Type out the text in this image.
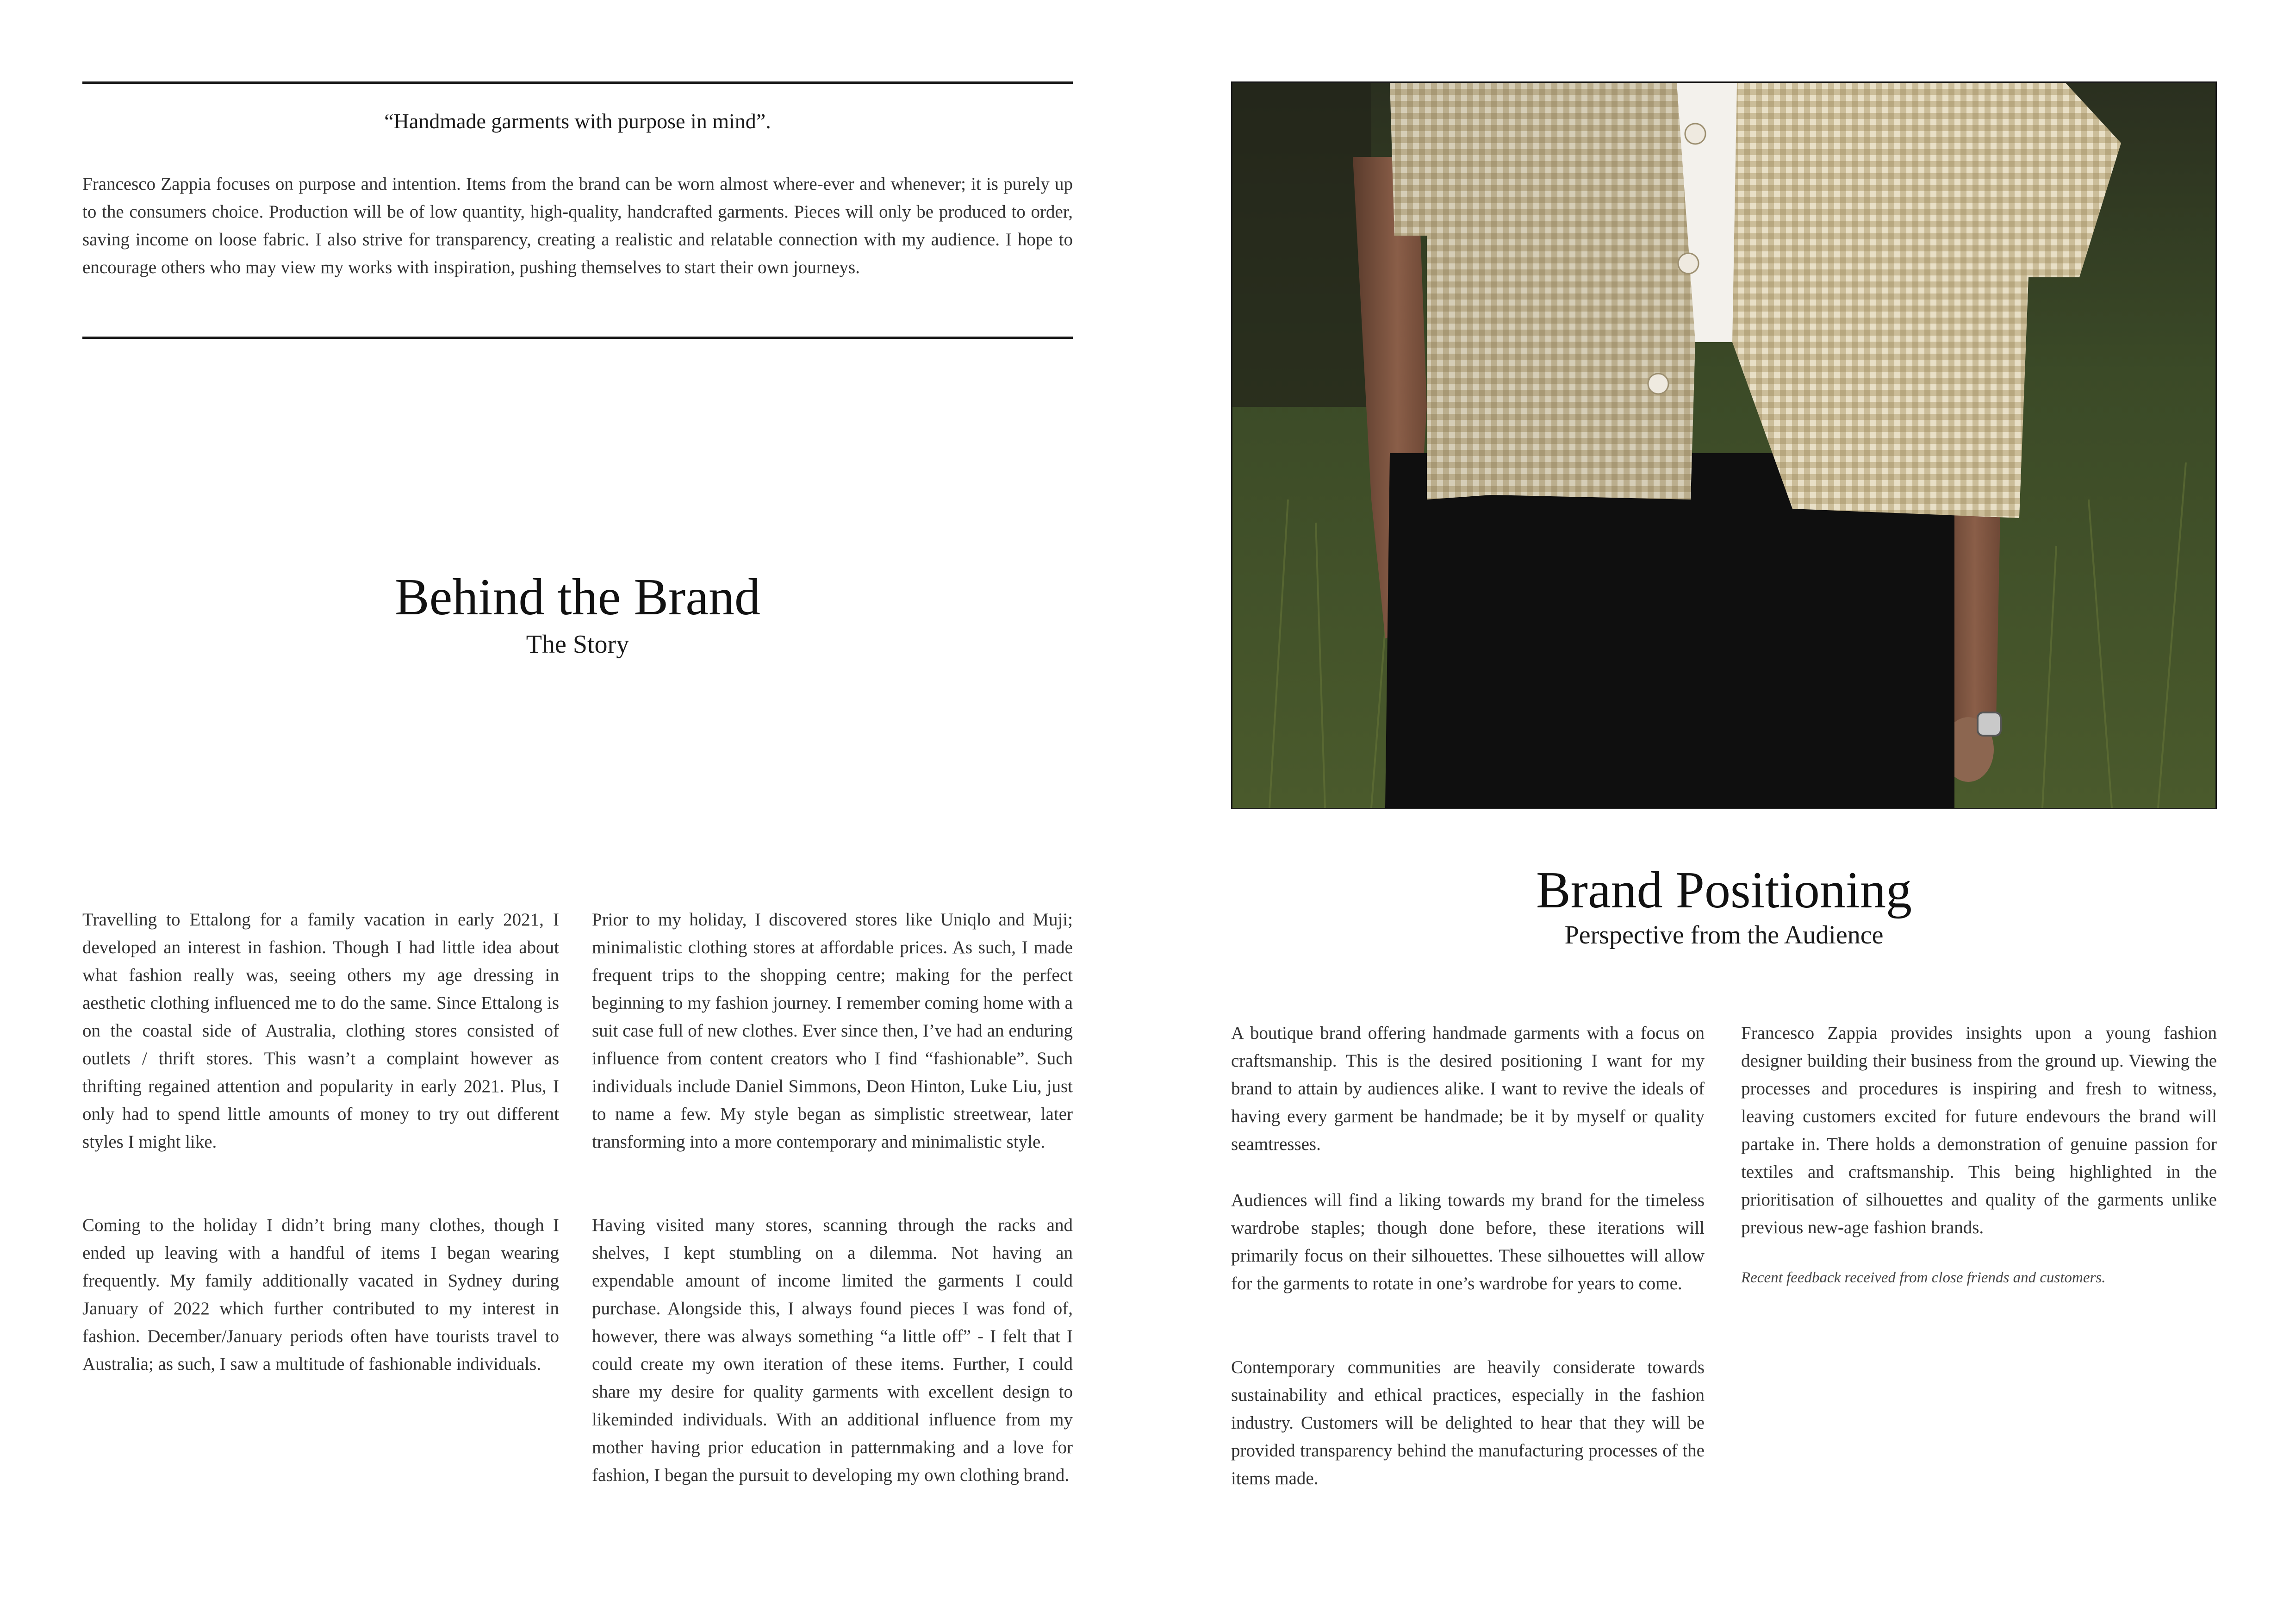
“Handmade garments with purpose in mind”.

Francesco Zappia focuses on purpose and intention. Items from the brand can be worn almost where-ever and whenever; it is purely up to the consumers choice. Production will be of low quantity, high-quality, handcrafted garments. Pieces will only be produced to order, saving income on loose fabric. I also strive for transparency, creating a realistic and relatable connection with my audience. I hope to encourage others who may view my works with inspiration, pushing themselves to start their own journeys.

Behind the Brand
The Story

Travelling to Ettalong for a family vacation in early 2021, I developed an interest in fashion. Though I had little idea about what fashion really was, seeing others my age dressing in aesthetic clothing influenced me to do the same. Since Ettalong is on the coastal side of Australia, clothing stores consisted of outlets / thrift stores. This wasn’t a complaint however as thrifting regained attention and popularity in early 2021. Plus, I only had to spend little amounts of money to try out different styles I might like.

Coming to the holiday I didn’t bring many clothes, though I ended up leaving with a handful of items I began wearing frequently. My family additionally vacated in Sydney during January of 2022 which further contributed to my interest in fashion. December/January periods often have tourists travel to Australia; as such, I saw a multitude of fashionable individuals.

Prior to my holiday, I discovered stores like Uniqlo and Muji; minimalistic clothing stores at affordable prices. As such, I made frequent trips to the shopping centre; making for the perfect beginning to my fashion journey. I remember coming home with a suit case full of new clothes. Ever since then, I’ve had an enduring influence from content creators who I find “fashionable”. Such individuals include Daniel Simmons, Deon Hinton, Luke Liu, just to name a few. My style began as simplistic streetwear, later transforming into a more contemporary and minimalistic style.

Having visited many stores, scanning through the racks and shelves, I kept stumbling on a dilemma. Not having an expendable amount of income limited the garments I could purchase. Alongside this, I always found pieces I was fond of, however, there was always something “a little off” - I felt that I could create my own iteration of these items. Further, I could share my desire for quality garments with excellent design to likeminded individuals. With an additional influence from my mother having prior education in patternmaking and a love for fashion, I began the pursuit to developing my own clothing brand.

Brand Positioning
Perspective from the Audience

A boutique brand offering handmade garments with a focus on craftsmanship. This is the desired positioning I want for my brand to attain by audiences alike. I want to revive the ideals of having every garment be handmade; be it by myself or quality seamtresses.

Audiences will find a liking towards my brand for the timeless wardrobe staples; though done before, these iterations will primarily focus on their silhouettes. These silhouettes will allow for the garments to rotate in one’s wardrobe for years to come.

Contemporary communities are heavily considerate towards sustainability and ethical practices, especially in the fashion industry. Customers will be delighted to hear that they will be provided transparency behind the manufacturing processes of the items made.

Francesco Zappia provides insights upon a young fashion designer building their business from the ground up. Viewing the processes and procedures is inspiring and fresh to witness, leaving customers excited for future endevours the brand will partake in. There holds a demonstration of genuine passion for textiles and craftsmanship. This being highlighted in the prioritisation of silhouettes and quality of the garments unlike previous new-age fashion brands.

Recent feedback received from close friends and customers.
